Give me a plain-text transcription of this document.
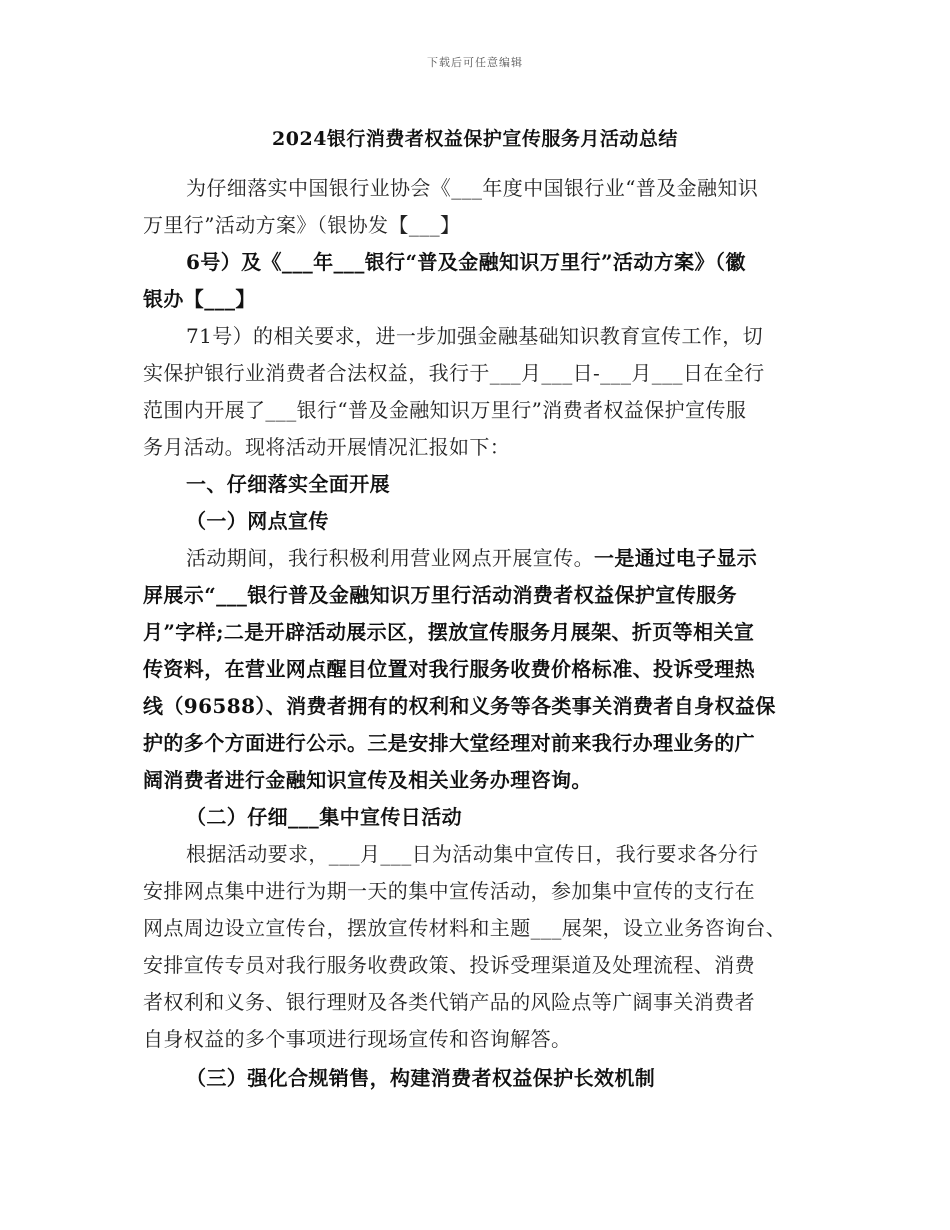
下载后可任意编辑
2024银行消费者权益保护宣传服务月活动总结
为仔细落实中国银行业协会《___年度中国银行业“普及金融知识
万里行”活动方案》（银协发【___】
6号）及《___年___银行“普及金融知识万里行”活动方案》（徽
银办【___】
71号）的相关要求，进一步加强金融基础知识教育宣传工作，切
实保护银行业消费者合法权益，我行于___月___日-___月___日在全行
范围内开展了___银行“普及金融知识万里行”消费者权益保护宣传服
务月活动。现将活动开展情况汇报如下：
一、仔细落实全面开展
（一）网点宣传
活动期间，我行积极利用营业网点开展宣传。一是通过电子显示
屏展示“___银行普及金融知识万里行活动消费者权益保护宣传服务
月”字样;二是开辟活动展示区，摆放宣传服务月展架、折页等相关宣
传资料，在营业网点醒目位置对我行服务收费价格标准、投诉受理热
线（96588）、消费者拥有的权利和义务等各类事关消费者自身权益保
护的多个方面进行公示。三是安排大堂经理对前来我行办理业务的广
阔消费者进行金融知识宣传及相关业务办理咨询。
（二）仔细___集中宣传日活动
根据活动要求，___月___日为活动集中宣传日，我行要求各分行
安排网点集中进行为期一天的集中宣传活动，参加集中宣传的支行在
网点周边设立宣传台，摆放宣传材料和主题___展架，设立业务咨询台、
安排宣传专员对我行服务收费政策、投诉受理渠道及处理流程、消费
者权利和义务、银行理财及各类代销产品的风险点等广阔事关消费者
自身权益的多个事项进行现场宣传和咨询解答。
（三）强化合规销售，构建消费者权益保护长效机制
